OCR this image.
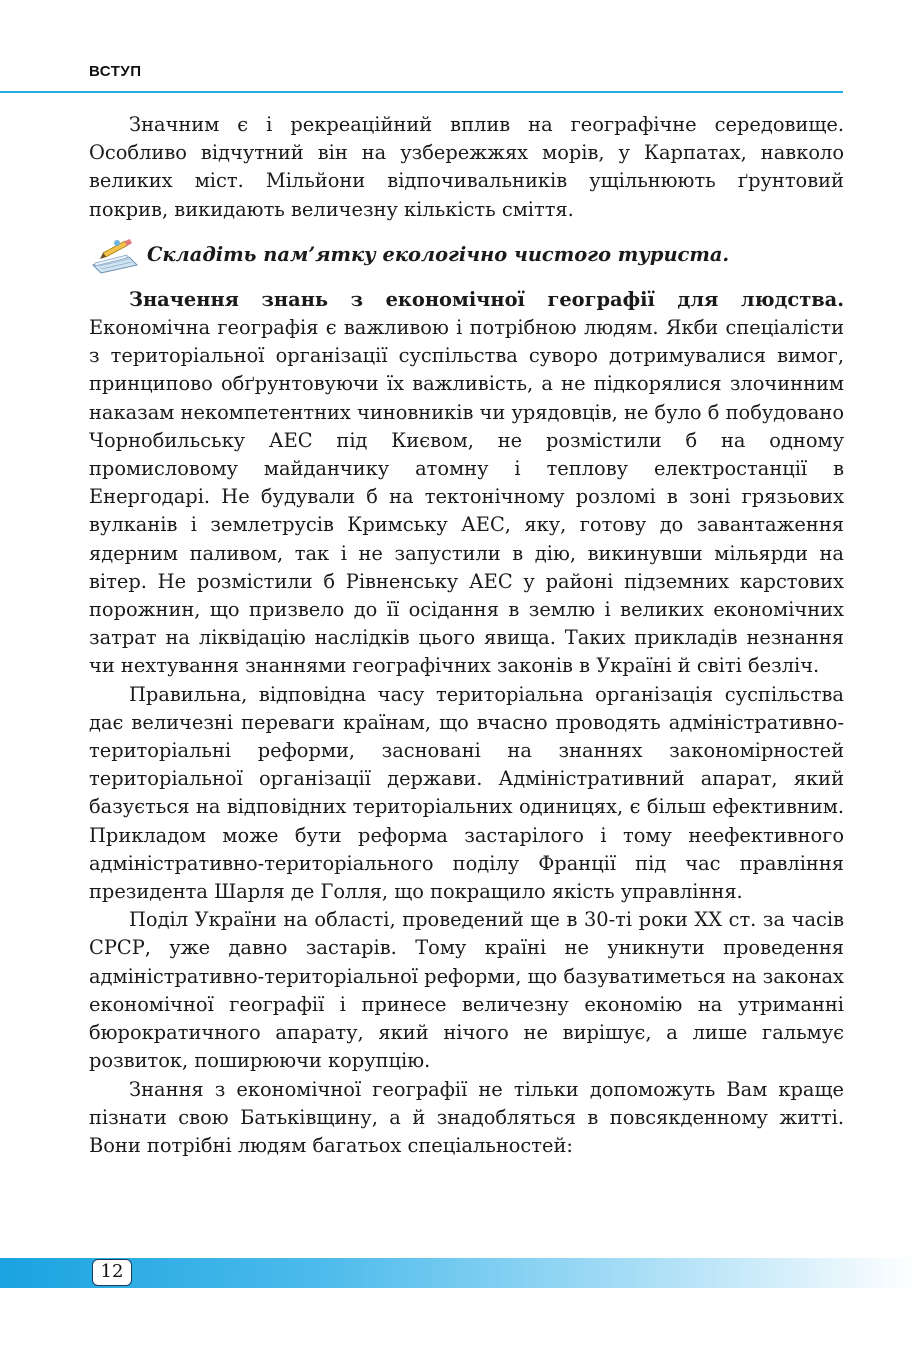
ВСТУП

Значним є і рекреаційний вплив на географічне середовище. Особливо відчутний він на узбережжях морів, у Карпатах, навколо великих міст. Мільйони відпочивальників ущільнюють ґрунтовий покрив, викидають величезну кількість сміття.

Складіть пам’ятку екологічно чистого туриста.

Значення знань з економічної географії для людства. Економічна географія є важливою і потрібною людям. Якби спеціалісти з територіальної організації суспільства суворо дотримувалися вимог, принципово обґрунтовуючи їх важливість, а не підкорялися злочинним наказам некомпетентних чиновників чи урядовців, не було б побудовано Чорнобильську АЕС під Києвом, не розмістили б на одному промисловому майданчику атомну і теплову електростанції в Енергодарі. Не будували б на тектонічному розломі в зоні грязьових вулканів і землетрусів Кримську АЕС, яку, готову до завантаження ядерним паливом, так і не запустили в дію, викинувши мільярди на вітер. Не розмістили б Рівненську АЕС у районі підземних карстових порожнин, що призвело до її осідання в землю і великих економічних затрат на ліквідацію наслідків цього явища. Таких прикладів незнання чи нехтування знаннями географічних законів в Україні й світі безліч.

Правильна, відповідна часу територіальна організація суспільства дає величезні переваги країнам, що вчасно проводять адміністративно-територіальні реформи, засновані на знаннях закономірностей територіальної організації держави. Адміністративний апарат, який базується на відповідних територіальних одиницях, є більш ефективним. Прикладом може бути реформа застарілого і тому неефективного адміністративно-територіального поділу Франції під час правління президента Шарля де Голля, що покращило якість управління.

Поділ України на області, проведений ще в 30-ті роки XX ст. за часів СРСР, уже давно застарів. Тому країні не уникнути проведення адміністративно-територіальної реформи, що базуватиметься на законах економічної географії і принесе величезну економію на утриманні бюрократичного апарату, який нічого не вирішує, а лише гальмує розвиток, поширюючи корупцію.

Знання з економічної географії не тільки допоможуть Вам краще пізнати свою Батьківщину, а й знадобляться в повсякденному житті. Вони потрібні людям багатьох спеціальностей:

12
